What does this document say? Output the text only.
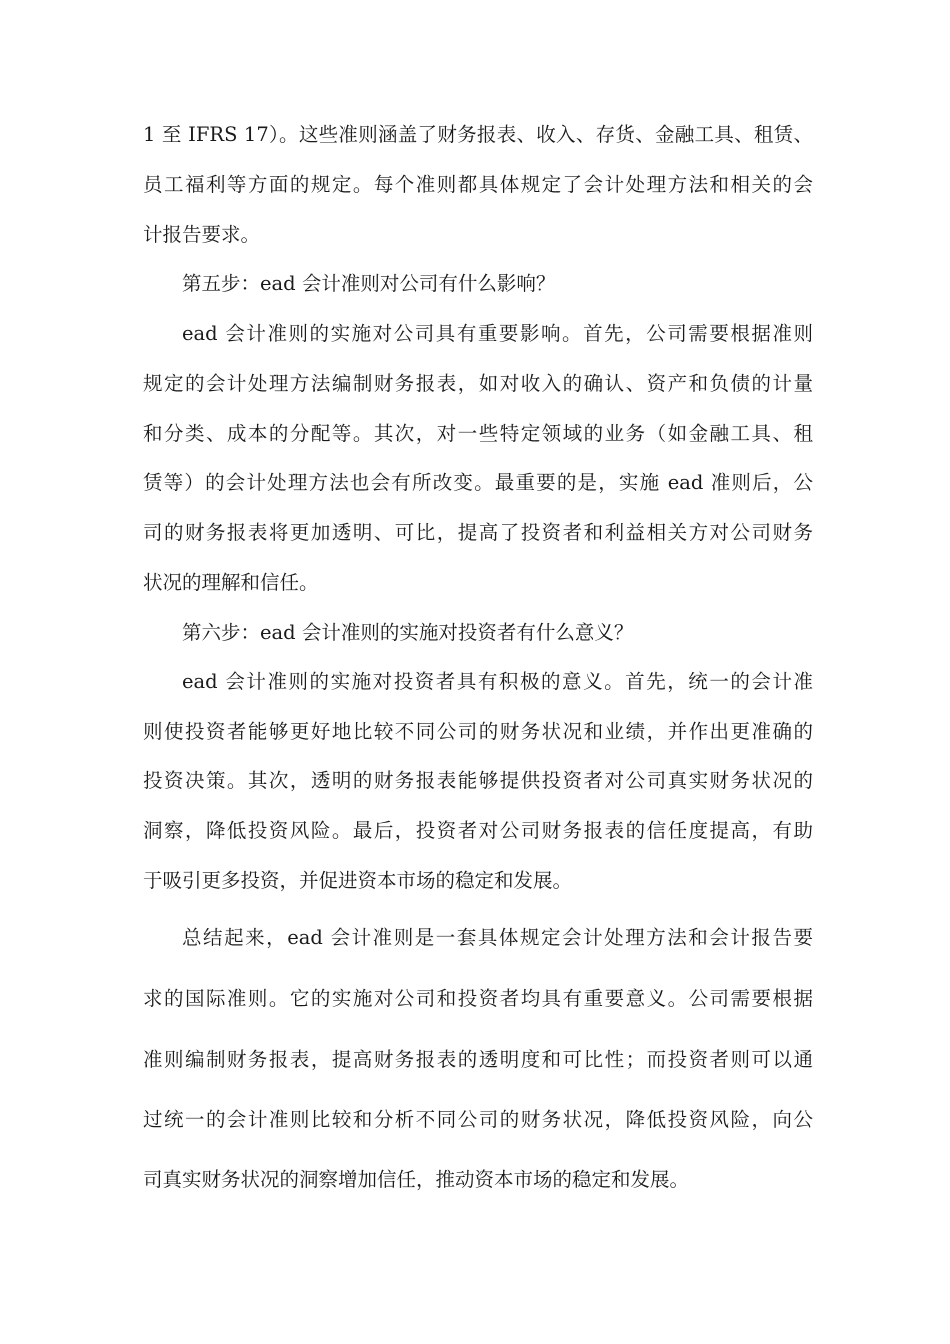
1 至 IFRS 17）。这些准则涵盖了财务报表、收入、存货、金融工具、租赁、
员工福利等方面的规定。每个准则都具体规定了会计处理方法和相关的会
计报告要求。
第五步：ead 会计准则对公司有什么影响？
ead 会计准则的实施对公司具有重要影响。首先，公司需要根据准则
规定的会计处理方法编制财务报表，如对收入的确认、资产和负债的计量
和分类、成本的分配等。其次，对一些特定领域的业务（如金融工具、租
赁等）的会计处理方法也会有所改变。最重要的是，实施 ead 准则后，公
司的财务报表将更加透明、可比，提高了投资者和利益相关方对公司财务
状况的理解和信任。
第六步：ead 会计准则的实施对投资者有什么意义？
ead 会计准则的实施对投资者具有积极的意义。首先，统一的会计准
则使投资者能够更好地比较不同公司的财务状况和业绩，并作出更准确的
投资决策。其次，透明的财务报表能够提供投资者对公司真实财务状况的
洞察，降低投资风险。最后，投资者对公司财务报表的信任度提高，有助
于吸引更多投资，并促进资本市场的稳定和发展。
总结起来，ead 会计准则是一套具体规定会计处理方法和会计报告要
求的国际准则。它的实施对公司和投资者均具有重要意义。公司需要根据
准则编制财务报表，提高财务报表的透明度和可比性；而投资者则可以通
过统一的会计准则比较和分析不同公司的财务状况，降低投资风险，向公
司真实财务状况的洞察增加信任，推动资本市场的稳定和发展。
